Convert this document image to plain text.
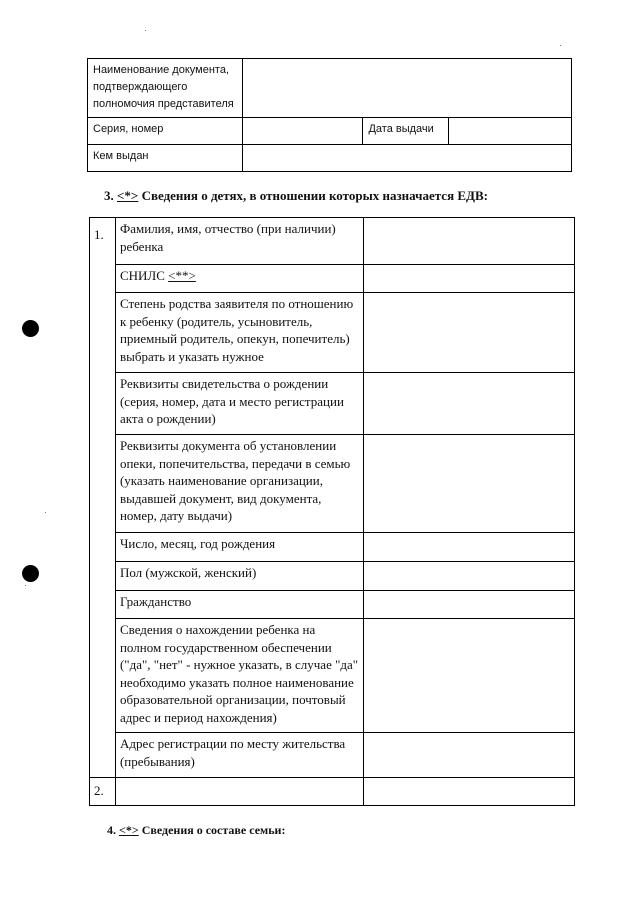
Наименование документа, подтверждающего полномочия представителя			
Серия, номер		Дата выдачи	
Кем выдан			
3. <*> Сведения о детях, в отношении которых назначается ЕДВ:
1.	Фамилия, имя, отчество (при наличии) ребенка	
	СНИЛС <**>	
	Степень родства заявителя по отношению к ребенку (родитель, усыновитель, приемный родитель, опекун, попечитель) выбрать и указать нужное	
	Реквизиты свидетельства о рождении (серия, номер, дата и место регистрации акта о рождении)	
	Реквизиты документа об установлении опеки, попечительства, передачи в семью (указать наименование организации, выдавшей документ, вид документа, номер, дату выдачи)	
	Число, месяц, год рождения	
	Пол (мужской, женский)	
	Гражданство	
	Сведения о нахождении ребенка на полном государственном обеспечении ("да", "нет" - нужное указать, в случае "да" необходимо указать полное наименование образовательной организации, почтовый адрес и период нахождения)	
	Адрес регистрации по месту жительства (пребывания)	
2.		
4. <*> Сведения о составе семьи:
